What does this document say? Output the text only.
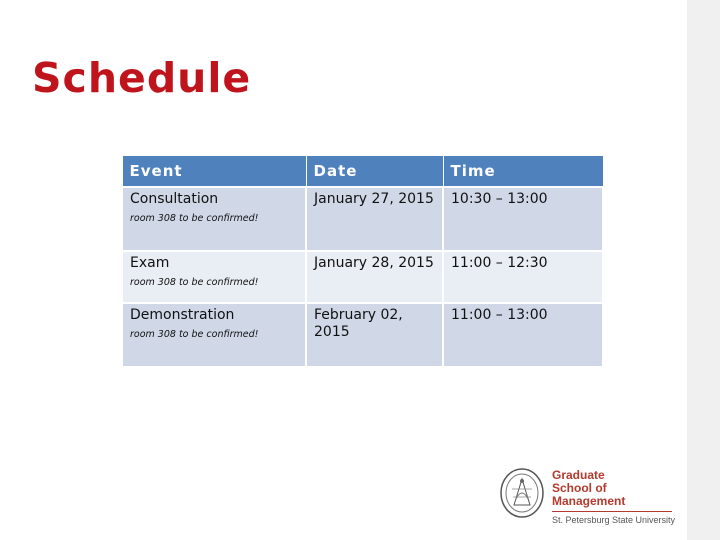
Schedule
Event	Date	Time

Consultation
room 308 to be confirmed!	January 27, 2015	10:30 – 13:00

Exam
room 308 to be confirmed!	January 28, 2015	11:00 – 12:30

Demonstration
room 308 to be confirmed!	February 02, 2015	11:00 – 13:00
Graduate
School of Management
St. Petersburg State University
